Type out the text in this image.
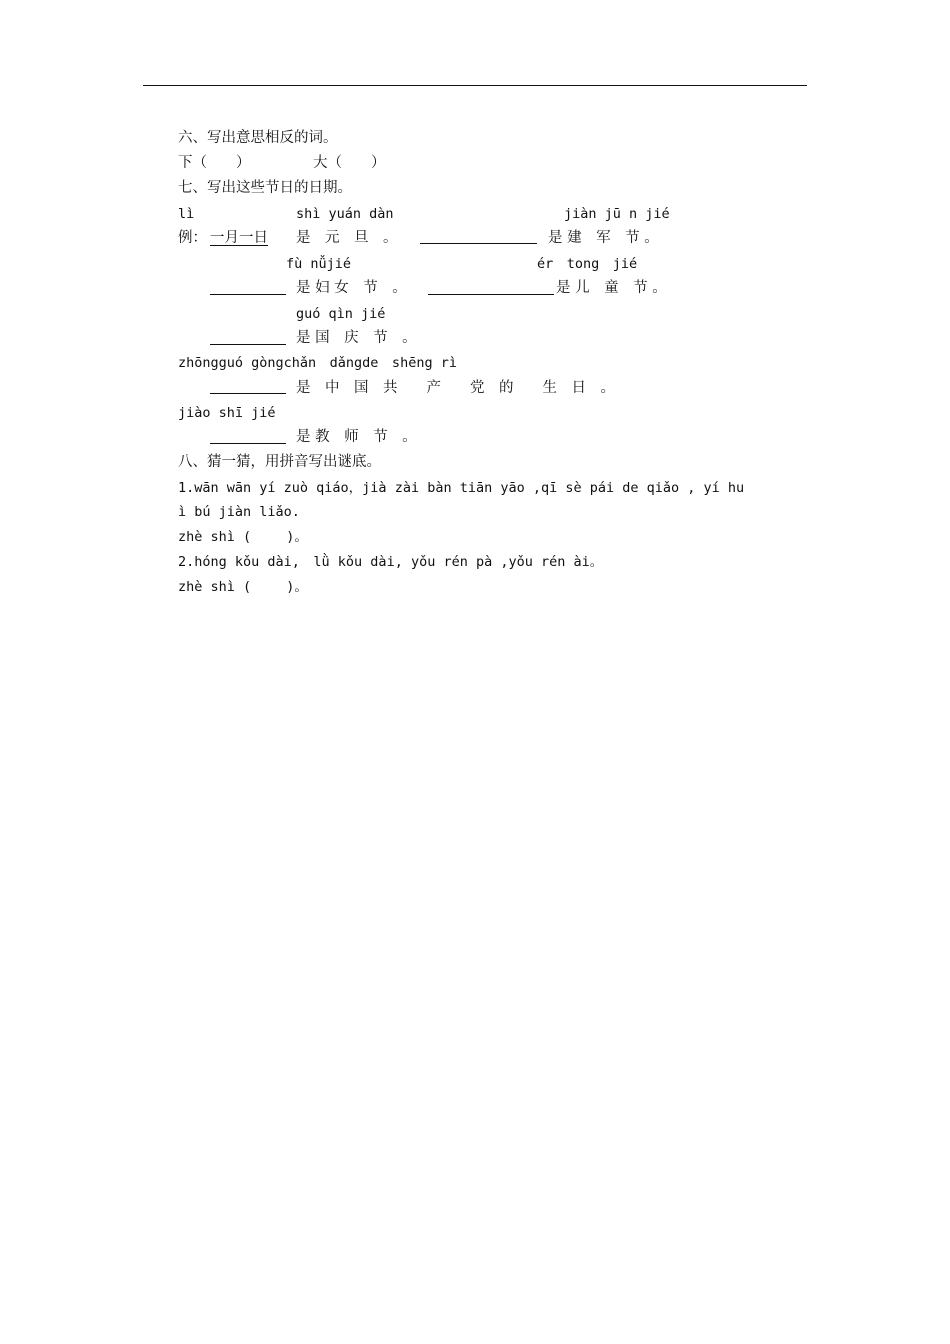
六、写出意思相反的词。
下（　　）	大（　　）
七、写出这些节日的日期。
lì	shì yuán dàn	jiàn jū n jié
例： 一月一日 是　元　旦　。	是 建　军　节 。
fù nǚjié	ér　tong　jié
是 妇 女　节　。	是 儿　童　节 。
guó qìn jié
是 国　庆　节　。
zhōngguó gòngchǎn　dǎngde　shēng rì
是　中　国　共　　产　　党　的　　生　日　。
jiào shī jié
是 教　师　节　。
八、猜一猜，用拼音写出谜底。
1.wān wān yí zuò qiáo，jià zài bàn tiān yāo ,qī sè pái de qiǎo , yí hu
ì bú jiàn liǎo.
zhè shì (　　 )。
2.hóng kǒu dài,　lǜ kǒu dài, yǒu rén pà ,yǒu rén ài。
zhè shì (　　 )。
